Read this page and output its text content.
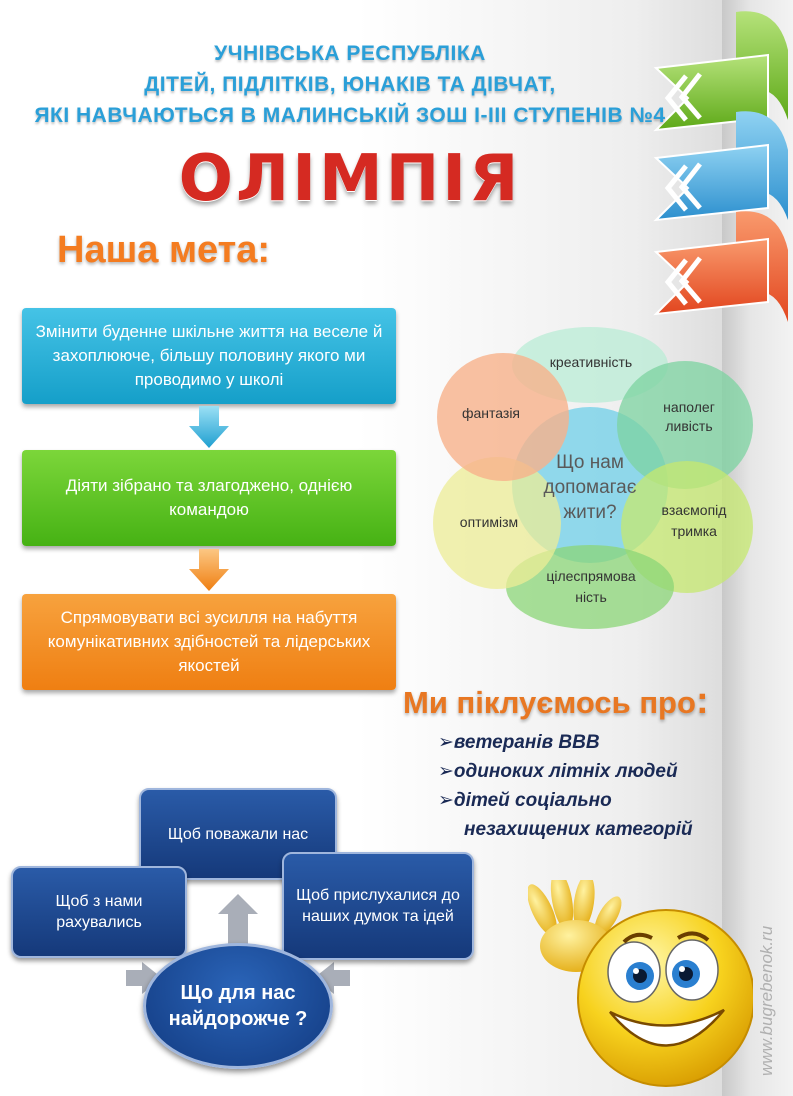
УЧНІВСЬКА РЕСПУБЛІКА
ДІТЕЙ, ПІДЛІТКІВ, ЮНАКІВ ТА ДІВЧАТ,
ЯКІ НАВЧАЮТЬСЯ В МАЛИНСЬКІЙ ЗОШ І-ІІІ СТУПЕНІВ №4
ОЛІМПІЯ
Наша мета:
Змінити буденне шкільне життя на веселе й захоплююче, більшу половину якого ми проводимо у школі
Діяти зібрано та злагоджено, однією командою
Спрямовувати всі зусилля на набуття комунікативних здібностей та лідерських якостей
Що нам
допомагає
жити?
креативність
наполег
ливість
взаємопід
тримка
цілеспрямова
ність
оптимізм
фантазія
Ми піклуємось про:
➢ветеранів ВВВ
➢одиноких літніх людей
➢дітей соціально
незахищених категорій
Щоб поважали нас
Щоб з нами рахувались
Щоб прислухалися до наших думок та ідей
Що для нас найдорожче ?	www.bugrebenok.ru
